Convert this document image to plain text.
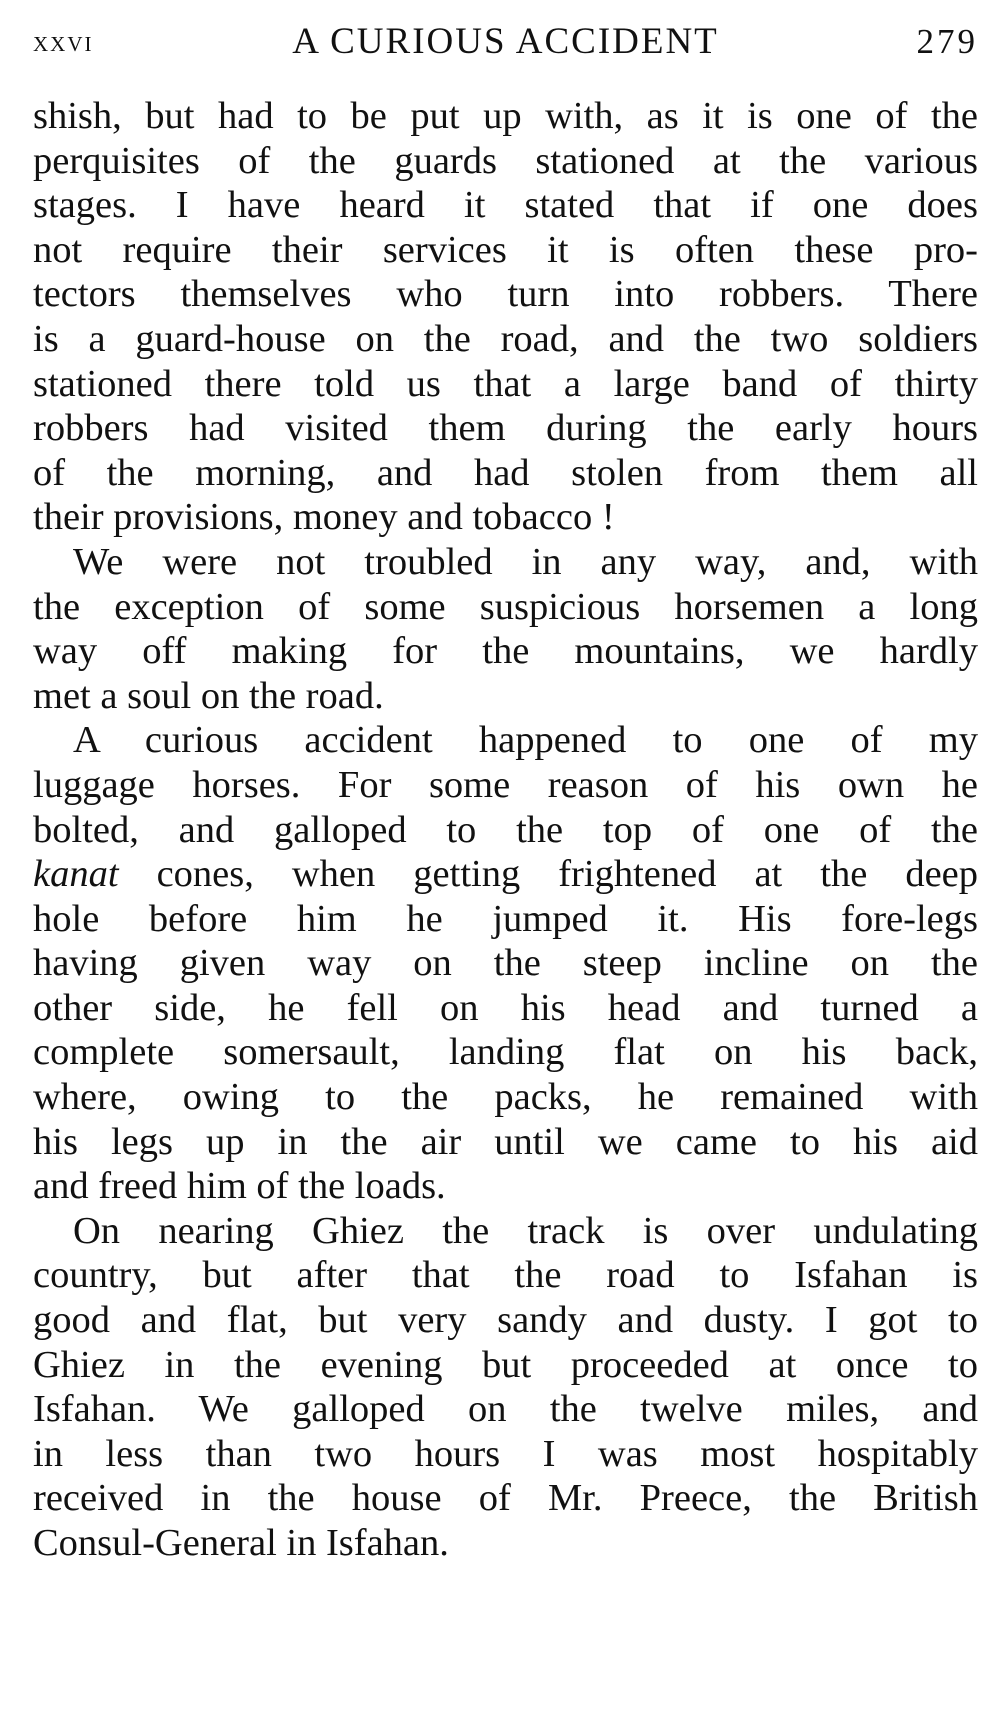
xxvi	A CURIOUS ACCIDENT	279
shish, but had to be put up with, as it is one of the
perquisites of the guards stationed at the various
stages. I have heard it stated that if one does
not require their services it is often these pro-
tectors themselves who turn into robbers. There
is a guard-house on the road, and the two soldiers
stationed there told us that a large band of thirty
robbers had visited them during the early hours
of the morning, and had stolen from them all
their provisions, money and tobacco !
We were not troubled in any way, and, with
the exception of some suspicious horsemen a long
way off making for the mountains, we hardly
met a soul on the road.
A curious accident happened to one of my
luggage horses. For some reason of his own he
bolted, and galloped to the top of one of the
kanat cones, when getting frightened at the deep
hole before him he jumped it. His fore-legs
having given way on the steep incline on the
other side, he fell on his head and turned a
complete somersault, landing flat on his back,
where, owing to the packs, he remained with
his legs up in the air until we came to his aid
and freed him of the loads.
On nearing Ghiez the track is over undulating
country, but after that the road to Isfahan is
good and flat, but very sandy and dusty. I got to
Ghiez in the evening but proceeded at once to
Isfahan. We galloped on the twelve miles, and
in less than two hours I was most hospitably
received in the house of Mr. Preece, the British
Consul-General in Isfahan.
